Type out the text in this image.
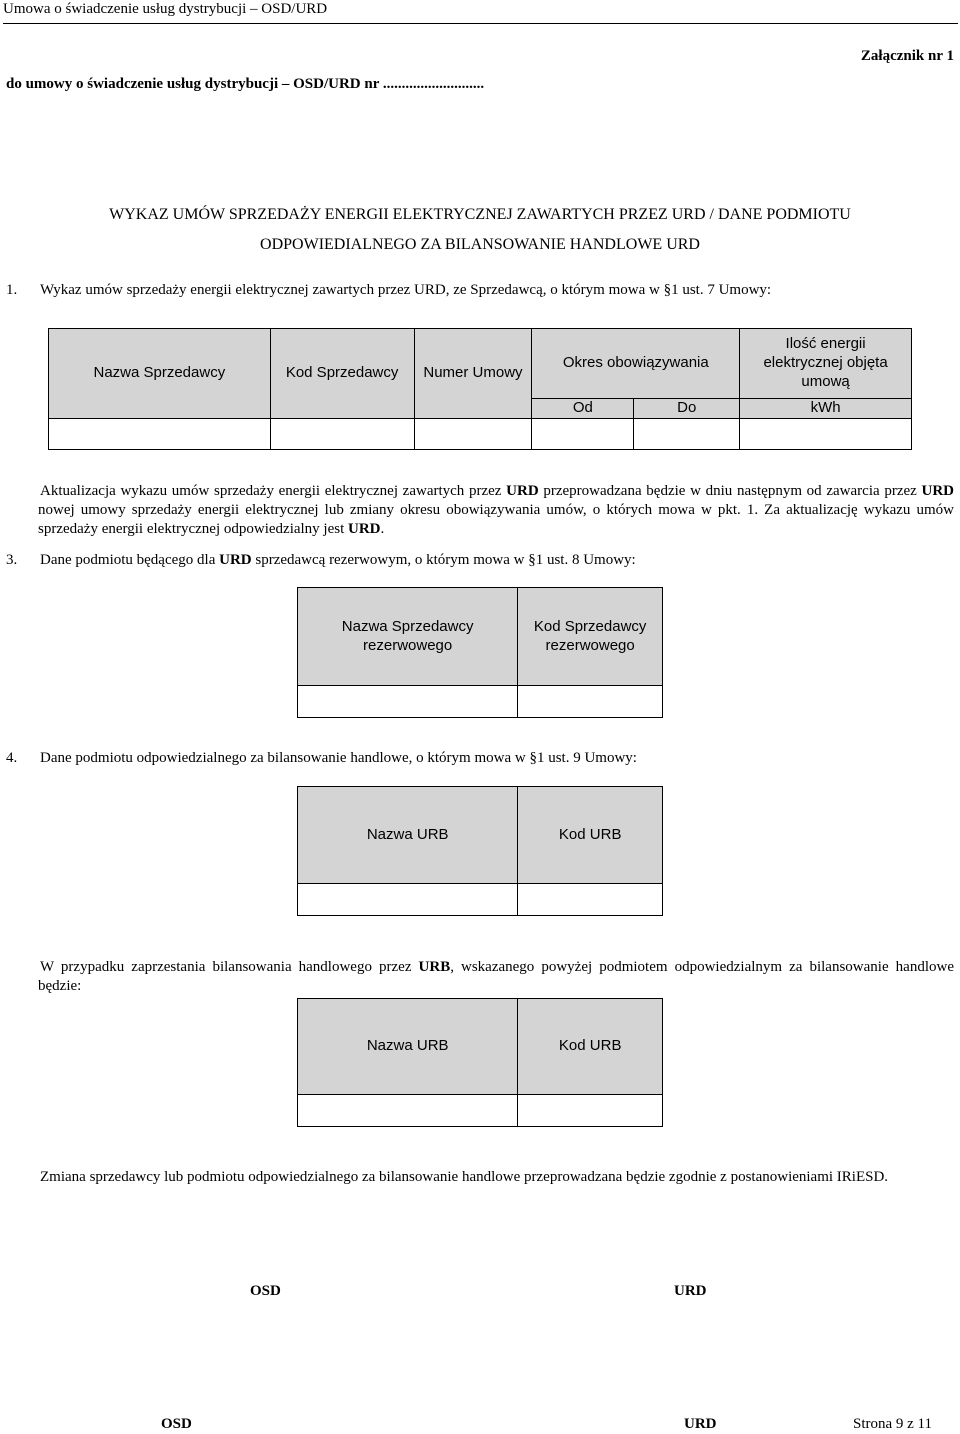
Umowa o świadczenie usług dystrybucji – OSD/URD
Załącznik nr 1
do umowy o świadczenie usług dystrybucji – OSD/URD nr ...........................
WYKAZ UMÓW SPRZEDAŻY ENERGII ELEKTRYCZNEJ ZAWARTYCH PRZEZ URD / DANE PODMIOTU
ODPOWIEDIALNEGO ZA BILANSOWANIE HANDLOWE URD
1. Wykaz umów sprzedaży energii elektrycznej zawartych przez URD, ze Sprzedawcą, o którym mowa w §1 ust. 7 Umowy:
Nazwa Sprzedawcy	Kod Sprzedawcy	Numer Umowy	Okres obowiązywania		Ilość energii elektrycznej objęta umową
			Od	Do	kWh

Aktualizacja wykazu umów sprzedaży energii elektrycznej zawartych przez URD przeprowadzana będzie w dniu następnym od zawarcia przez URD nowej umowy sprzedaży energii elektrycznej lub zmiany okresu obowiązywania umów, o których mowa w pkt. 1. Za aktualizację wykazu umów sprzedaży energii elektrycznej odpowiedzialny jest URD.
3. Dane podmiotu będącego dla URD sprzedawcą rezerwowym, o którym mowa w §1 ust. 8 Umowy:
Nazwa Sprzedawcy rezerwowego	Kod Sprzedawcy rezerwowego

4. Dane podmiotu odpowiedzialnego za bilansowanie handlowe, o którym mowa w §1 ust. 9 Umowy:
Nazwa URB	Kod URB

W przypadku zaprzestania bilansowania handlowego przez URB, wskazanego powyżej podmiotem odpowiedzialnym za bilansowanie handlowe będzie:
Nazwa URB	Kod URB

Zmiana sprzedawcy lub podmiotu odpowiedzialnego za bilansowanie handlowe przeprowadzana będzie zgodnie z postanowieniami IRiESD.
OSD	URD
OSD	URD	Strona 9 z 11
